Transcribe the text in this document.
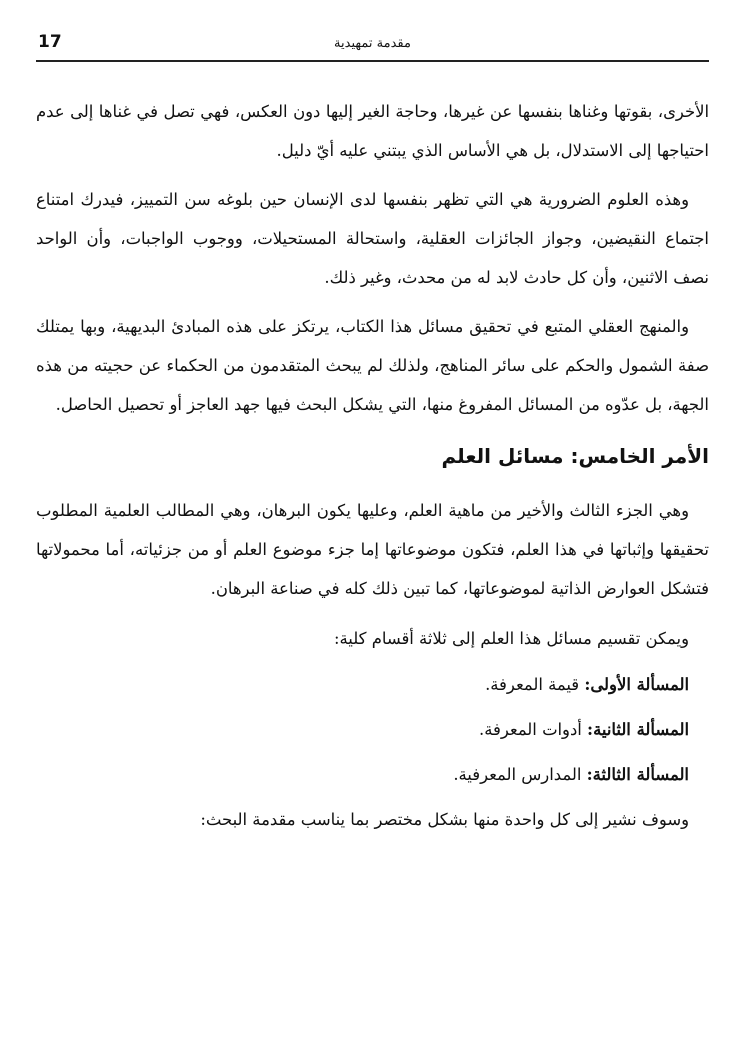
17	مقدمة تمهيدية

الأخرى، بقوتها وغناها بنفسها عن غيرها، وحاجة الغير إليها دون العكس، فهي تصل في غناها إلى عدم احتياجها إلى الاستدلال، بل هي الأساس الذي يبتني عليه أيّ دليل.

وهذه العلوم الضرورية هي التي تظهر بنفسها لدى الإنسان حين بلوغه سن التمييز، فيدرك امتناع اجتماع النقيضين، وجواز الجائزات العقلية، واستحالة المستحيلات، ووجوب الواجبات، وأن الواحد نصف الاثنين، وأن كل حادث لابد له من محدث، وغير ذلك.

والمنهج العقلي المتبع في تحقيق مسائل هذا الكتاب، يرتكز على هذه المبادئ البديهية، وبها يمتلك صفة الشمول والحكم على سائر المناهج، ولذلك لم يبحث المتقدمون من الحكماء عن حجيته من هذه الجهة، بل عدّوه من المسائل المفروغ منها، التي يشكل البحث فيها جهد العاجز أو تحصيل الحاصل.

الأمر الخامس: مسائل العلم

وهي الجزء الثالث والأخير من ماهية العلم، وعليها يكون البرهان، وهي المطالب العلمية المطلوب تحقيقها وإثباتها في هذا العلم، فتكون موضوعاتها إما جزء موضوع العلم أو من جزئياته، أما محمولاتها فتشكل العوارض الذاتية لموضوعاتها، كما تبين ذلك كله في صناعة البرهان.

ويمكن تقسيم مسائل هذا العلم إلى ثلاثة أقسام كلية:
المسألة الأولى: قيمة المعرفة.
المسألة الثانية: أدوات المعرفة.
المسألة الثالثة: المدارس المعرفية.
وسوف نشير إلى كل واحدة منها بشكل مختصر بما يناسب مقدمة البحث:
